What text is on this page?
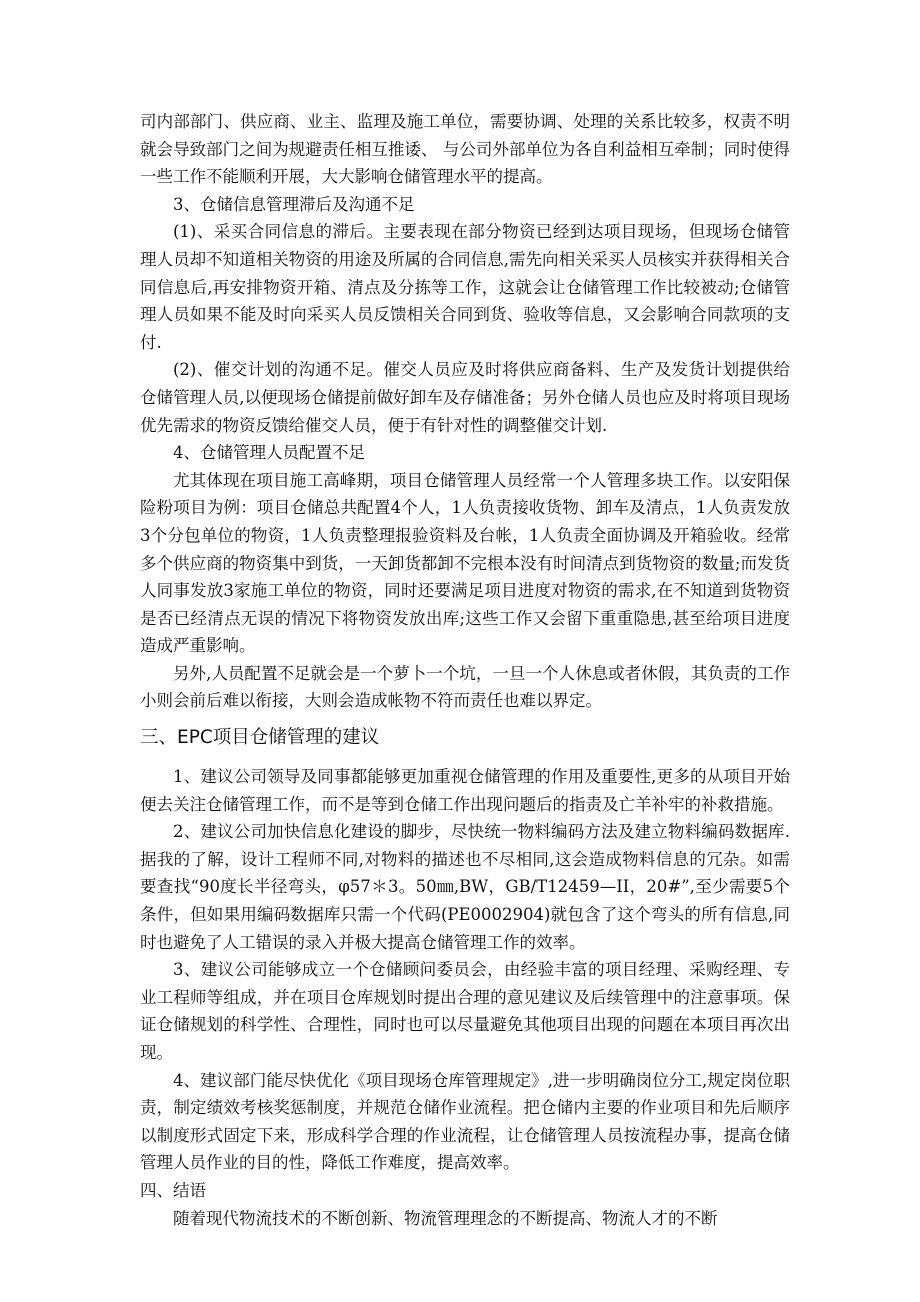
司内部部门、供应商、业主、监理及施工单位，需要协调、处理的关系比较多，权责不明就会导致部门之间为规避责任相互推诿、 与公司外部单位为各自利益相互牵制；同时使得一些工作不能顺利开展，大大影响仓储管理水平的提高。

3、仓储信息管理滞后及沟通不足

(1)、采买合同信息的滞后。主要表现在部分物资已经到达项目现场，但现场仓储管理人员却不知道相关物资的用途及所属的合同信息,需先向相关采买人员核实并获得相关合同信息后,再安排物资开箱、清点及分拣等工作，这就会让仓储管理工作比较被动;仓储管理人员如果不能及时向采买人员反馈相关合同到货、验收等信息，又会影响合同款项的支付.

(2)、催交计划的沟通不足。催交人员应及时将供应商备料、生产及发货计划提供给仓储管理人员,以便现场仓储提前做好卸车及存储准备；另外仓储人员也应及时将项目现场优先需求的物资反馈给催交人员，便于有针对性的调整催交计划.

4、仓储管理人员配置不足

尤其体现在项目施工高峰期，项目仓储管理人员经常一个人管理多块工作。以安阳保险粉项目为例：项目仓储总共配置4个人，1人负责接收货物、卸车及清点，1人负责发放3个分包单位的物资，1人负责整理报验资料及台帐，1人负责全面协调及开箱验收。经常多个供应商的物资集中到货，一天卸货都卸不完根本没有时间清点到货物资的数量;而发货人同事发放3家施工单位的物资，同时还要满足项目进度对物资的需求,在不知道到货物资是否已经清点无误的情况下将物资发放出库;这些工作又会留下重重隐患,甚至给项目进度造成严重影响。

另外,人员配置不足就会是一个萝卜一个坑，一旦一个人休息或者休假，其负责的工作小则会前后难以衔接，大则会造成帐物不符而责任也难以界定。

三、EPC项目仓储管理的建议

1、建议公司领导及同事都能够更加重视仓储管理的作用及重要性,更多的从项目开始便去关注仓储管理工作，而不是等到仓储工作出现问题后的指责及亡羊补牢的补救措施。

2、建议公司加快信息化建设的脚步，尽快统一物料编码方法及建立物料编码数据库.据我的了解，设计工程师不同,对物料的描述也不尽相同,这会造成物料信息的冗杂。如需要查找“90度长半径弯头，φ57＊3。50㎜,BW，GB/T12459—II，20#”,至少需要5个条件，但如果用编码数据库只需一个代码(PE0002904)就包含了这个弯头的所有信息,同时也避免了人工错误的录入并极大提高仓储管理工作的效率。

3、建议公司能够成立一个仓储顾问委员会，由经验丰富的项目经理、采购经理、专业工程师等组成，并在项目仓库规划时提出合理的意见建议及后续管理中的注意事项。保证仓储规划的科学性、合理性，同时也可以尽量避免其他项目出现的问题在本项目再次出现。

4、建议部门能尽快优化《项目现场仓库管理规定》,进一步明确岗位分工,规定岗位职责，制定绩效考核奖惩制度，并规范仓储作业流程。把仓储内主要的作业项目和先后顺序以制度形式固定下来，形成科学合理的作业流程，让仓储管理人员按流程办事，提高仓储管理人员作业的目的性，降低工作难度，提高效率。

四、结语

随着现代物流技术的不断创新、物流管理理念的不断提高、物流人才的不断
